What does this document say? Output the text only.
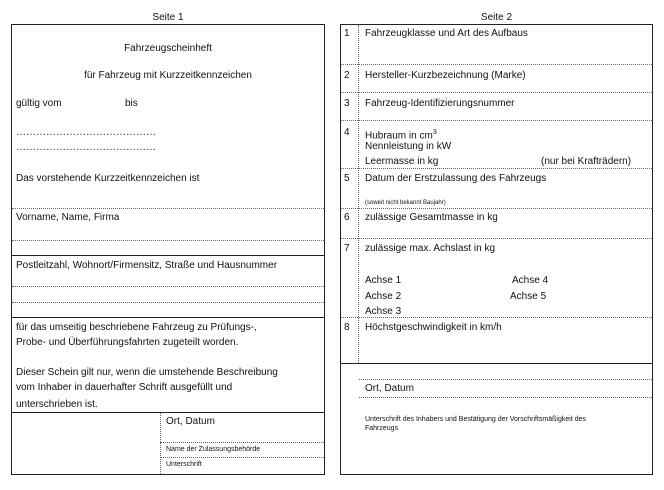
Seite 1
Fahrzeugscheinheft
für Fahrzeug mit Kurzzeitkennzeichen
gültig vom	bis
……………………………………
……………………………………
Das vorstehende Kurzzeitkennzeichen ist
Vorname, Name, Firma
Postleitzahl, Wohnort/Firmensitz, Straße und Hausnummer
für das umseitig beschriebene Fahrzeug zu Prüfungs-,
Probe- und Überführungsfahrten zugeteilt worden.
Dieser Schein gilt nur, wenn die umstehende Beschreibung
vom Inhaber in dauerhafter Schrift ausgefüllt und
unterschrieben ist.
Ort, Datum
Name der Zulassungsbehörde
Unterschrift
Seite 2
1 Fahrzeugklasse und Art des Aufbaus
2 Hersteller-Kurzbezeichnung (Marke)
3 Fahrzeug-Identifizierungsnummer
4 Hubraum in $cm^3$
Nennleistung in kW
Leermasse in kg	(nur bei Krafträdern)
5 Datum der Erstzulassung des Fahrzeugs
(soweit nicht bekannt Baujahr)
6 zulässige Gesamtmasse in kg
7 zulässige max. Achslast in kg
Achse 1	Achse 4
Achse 2	Achse 5
Achse 3
8 Höchstgeschwindigkeit in km/h
Ort, Datum
Unterschrift des Inhabers und Bestätigung der Vorschriftsmäßigkeit des
Fahrzeugs
